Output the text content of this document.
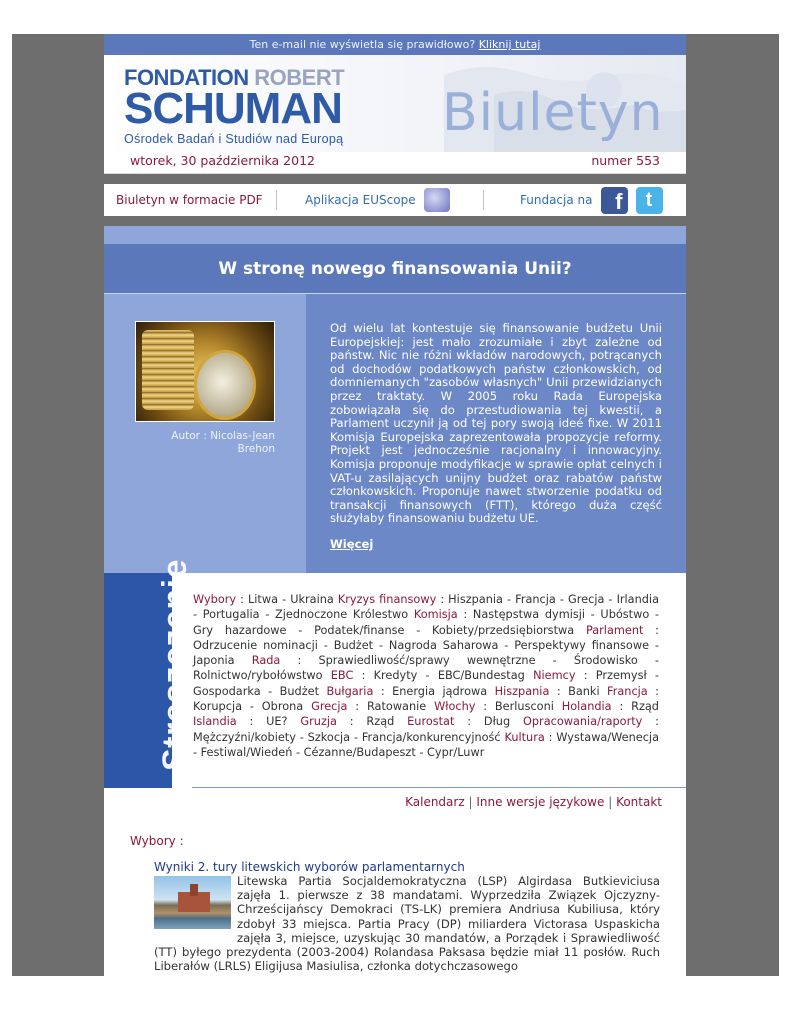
Ten e-mail nie wyświetla się prawidłowo? Kliknij tutaj
FONDATION ROBERT
SCHUMAN
Ośrodek Badań i Studiów nad Europą	Biuletyn
wtorek, 30 października 2012	numer 553
Biuletyn w formacie PDF	Aplikacja EUScope	Fundacja na	f	t
W stronę nowego finansowania Unii?
Autor : Nicolas-Jean Brehon
Od wielu lat kontestuje się finansowanie budżetu Unii Europejskiej: jest mało zrozumiałe i zbyt zależne od państw. Nic nie różni wkładów narodowych, potrącanych od dochodów podatkowych państw członkowskich, od domniemanych "zasobów własnych" Unii przewidzianych przez traktaty. W 2005 roku Rada Europejska zobowiązała się do przestudiowania tej kwestii, a Parlament uczynił ją od tej pory swoją ideé fixe. W 2011 Komisja Europejska zaprezentowała propozycje reformy. Projekt jest jednocześnie racjonalny i innowacyjny. Komisja proponuje modyfikacje w sprawie opłat celnych i VAT-u zasilających unijny budżet oraz rabatów państw członkowskich. Proponuje nawet stworzenie podatku od transakcji finansowych (FTT), którego duża część służyłaby finansowaniu budżetu UE.
Więcej
Streszczenie Wybory : Litwa - Ukraina Kryzys finansowy : Hiszpania - Francja - Grecja - Irlandia - Portugalia - Zjednoczone Królestwo Komisja : Następstwa dymisji - Ubóstwo - Gry hazardowe - Podatek/finanse - Kobiety/przedsiębiorstwa Parlament : Odrzucenie nominacji - Budżet - Nagroda Saharowa - Perspektywy finansowe - Japonia Rada : Sprawiedliwość/sprawy wewnętrzne - Środowisko - Rolnictwo/rybołówstwo EBC : Kredyty - EBC/Bundestag Niemcy : Przemysł - Gospodarka - Budżet Bułgaria : Energia jądrowa Hiszpania : Banki Francja : Korupcja - Obrona Grecja : Ratowanie Włochy : Berlusconi Holandia : Rząd Islandia : UE? Gruzja : Rząd Eurostat : Dług Opracowania/raporty : Mężczyźni/kobiety - Szkocja - Francja/konkurencyjność Kultura : Wystawa/Wenecja - Festiwal/Wiedeń - Cézanne/Budapeszt - Cypr/Luwr
Kalendarz | Inne wersje językowe | Kontakt
Wybory :
Wyniki 2. tury litewskich wyborów parlamentarnych
Litewska Partia Socjaldemokratyczna (LSP) Algirdasa Butkieviciusa zajęła 1. pierwsze z 38 mandatami. Wyprzedziła Związek Ojczyzny-Chrześcijańscy Demokraci (TS-LK) premiera Andriusa Kubiliusa, który zdobył 33 miejsca. Partia Pracy (DP) miliardera Victorasa Uspaskicha zajęła 3, miejsce, uzyskując 30 mandatów, a Porządek i Sprawiedliwość (TT) byłego prezydenta (2003-2004) Rolandasa Paksasa będzie miał 11 posłów. Ruch Liberałów (LRLS) Eligijusa Masiulisa, członka dotychczasowego
